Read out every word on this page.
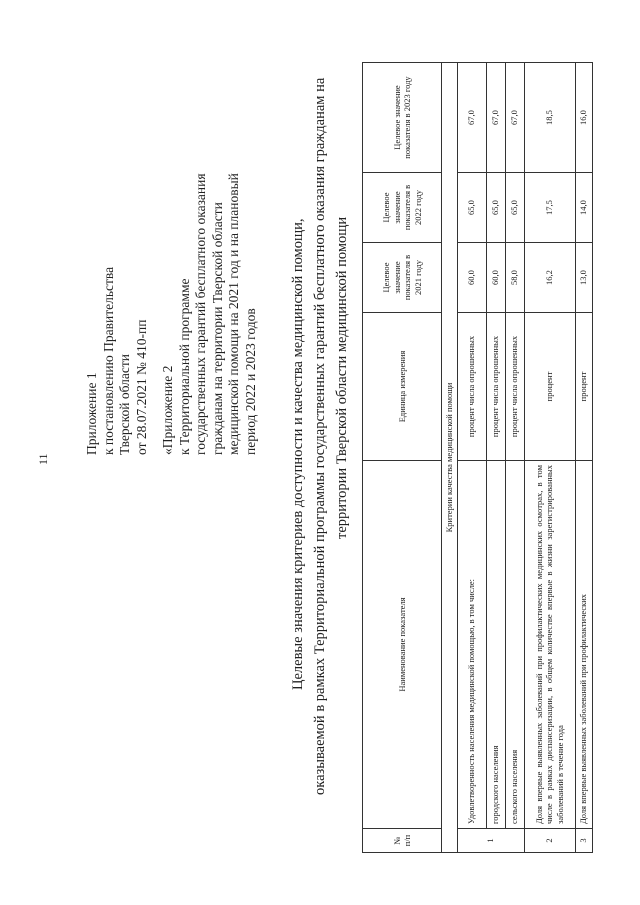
11
Приложение 1 к постановлению Правительства Тверской области от 28.07.2021 № 410-пп «Приложение 2 к Территориальной программе государственных гарантий бесплатного оказания гражданам на территории Тверской области медицинской помощи на 2021 год и на плановый период 2022 и 2023 годов Целевые значения критериев доступности и качества медицинской помощи, оказываемой в рамках Территориальной программы государственных гарантий бесплатного оказания гражданам на территории Тверской области медицинской помощи
№ п/п	Наименование показателя	Единица измерения	Целевое значение показателя в 2021 году	Целевое значение показателя в 2022 году	Целевое значение показателя в 2023 году
Критерии качества медицинской помощи					
1	Удовлетворенность населения медицинской помощью, в том числе:	процент числа опрошенных	60,0	65,0	67,0
	городского населения	процент числа опрошенных	60,0	65,0	67,0
	сельского населения	процент числа опрошенных	58,0	65,0	67,0
2	Доля впервые выявленных заболеваний при профилактических медицинских осмотрах, в том числе в рамках диспансеризации, в общем количестве впервые в жизни зарегистрированных заболеваний в течение года	процент	16,2	17,5	18,5
3	Доля впервые выявленных заболеваний при профилактических	процент	13,0	14,0	16,0
